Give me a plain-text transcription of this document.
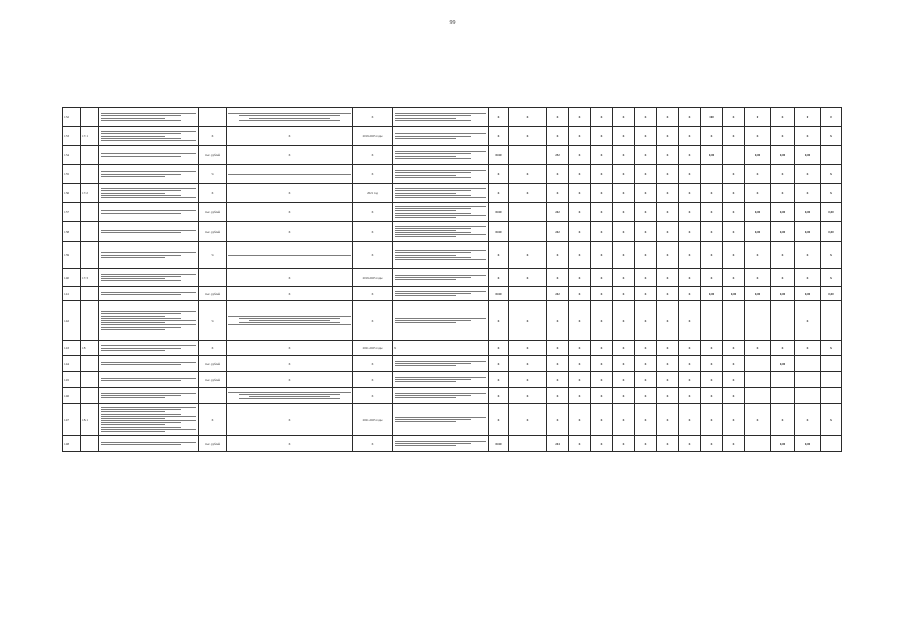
99
132					X		X	X	X	X	X	X	X	X	X	100	X	0	X	0	0
133	17.1		X	X	2019-2025 годы		X	X	X	X	X	X	X	X	X	X	X	X	X	X	X
134			тыс. рублей	X	X		0410		252	X	X	X	X	X	X	0,00		0,00	0,00	0,00	
135			%		X		X	X	X	X	X	X	X	X	X		X	X	X	X	X
136	17.2		X	X	2021 год		X	X	X	X	X	X	X	X	X	X	X	X	X	X	X
137			тыс. рублей	X	X		0410		242	X	X	X	X	X	X	X	X	0,00	0,00	0,00	0,00
138			тыс. рублей	X	X		0410		242	X	X	X	X	X	X	X	X	0,00	0,00	0,00	0,00
139			%		X		X	X	X	X	X	X	X	X	X	X	X	X	X	X	X
140	17.3			X	2019-2025 годы		X	X	X	X	X	X	X	X	X	X	X	X	X	X	X
141			тыс. рублей	X	X		0410		242	X	X	X	X	X	X	0,00	0,00	0,00	0,00	0,00	0,00
142			%		X		X	X	X	X	X	X	X	X	X					X	
143	18		X	X	2021-2025 годы	X	X	X	X	X	X	X	X	X	X	X	X	X	X	X	X
144			тыс. рублей	X	X		X	X	X	X	X	X	X	X	X	X	X		0,00		
145			тыс. рублей	X	X		X	X	X	X	X	X	X	X	X	X	X				
146					X		X	X	X	X	X	X	X	X	X	X	X				
147	18.1		X	X	2021-2025 годы		X	X	X	X	X	X	X	X	X	X	X	X	X	X	X
148			тыс. рублей	X	X		0410		244	X	X	X	X	X	X	X	X		0,00	0,00	
